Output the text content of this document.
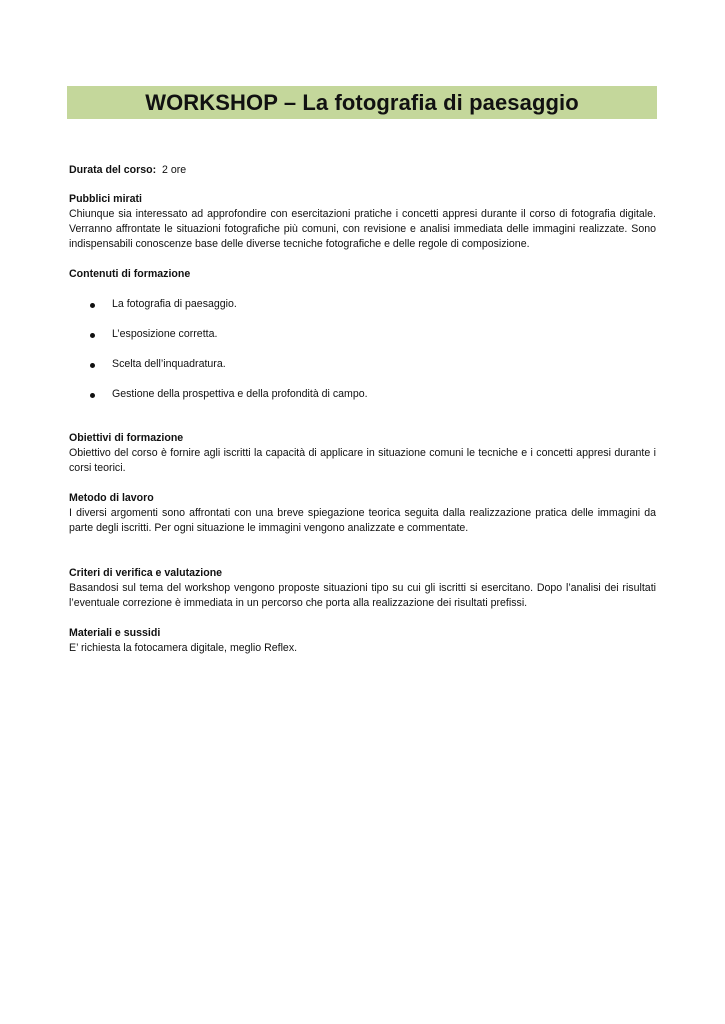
WORKSHOP – La fotografia di paesaggio

Durata del corso: 2 ore

Pubblici mirati

Chiunque sia interessato ad approfondire con esercitazioni pratiche i concetti appresi durante il corso di fotografia digitale. Verranno affrontate le situazioni fotografiche più comuni, con revisione e analisi immediata delle immagini realizzate. Sono indispensabili conoscenze base delle diverse tecniche fotografiche e delle regole di composizione.

Contenuti di formazione

La fotografia di paesaggio.
L’esposizione corretta.
Scelta dell’inquadratura.
Gestione della prospettiva e della profondità di campo.

Obiettivi di formazione

Obiettivo del corso è fornire agli iscritti la capacità di applicare in situazione comuni le tecniche e i concetti appresi durante i corsi teorici.

Metodo di lavoro

I diversi argomenti sono affrontati con una breve spiegazione teorica seguita dalla realizzazione pratica delle immagini da parte degli iscritti. Per ogni situazione le immagini vengono analizzate e commentate.

Criteri di verifica e valutazione

Basandosi sul tema del workshop vengono proposte situazioni tipo su cui gli iscritti si esercitano. Dopo l’analisi dei risultati l’eventuale correzione è immediata in un percorso che porta alla realizzazione dei risultati prefissi.

Materiali e sussidi

E’ richiesta la fotocamera digitale, meglio Reflex.
